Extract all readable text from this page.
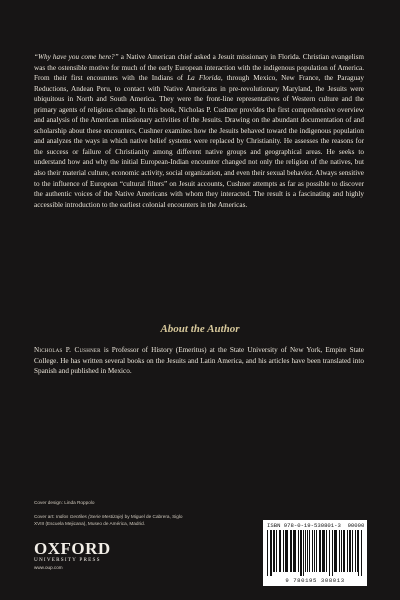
“Why have you come here?” a Native American chief asked a Jesuit missionary in Florida. Christian evangelism was the ostensible motive for much of the early European interaction with the indigenous population of America. From their first encounters with the Indians of La Florida, through Mexico, New France, the Paraguay Reductions, Andean Peru, to contact with Native Americans in pre-revolutionary Maryland, the Jesuits were ubiquitous in North and South America. They were the front-line representatives of Western culture and the primary agents of religious change. In this book, Nicholas P. Cushner provides the first comprehensive overview and analysis of the American missionary activities of the Jesuits. Drawing on the abundant documentation of and scholarship about these encounters, Cushner examines how the Jesuits behaved toward the indigenous population and analyzes the ways in which native belief systems were replaced by Christianity. He assesses the reasons for the success or failure of Christianity among different native groups and geographical areas. He seeks to understand how and why the initial European-Indian encounter changed not only the religion of the natives, but also their material culture, economic activity, social organization, and even their sexual behavior. Always sensitive to the influence of European “cultural filters” on Jesuit accounts, Cushner attempts as far as possible to discover the authentic voices of the Native Americans with whom they interacted. The result is a fascinating and highly accessible introduction to the earliest colonial encounters in the Americas.

About the Author

Nicholas P. Cushner is Professor of History (Emeritus) at the State University of New York, Empire State College. He has written several books on the Jesuits and Latin America, and his articles have been translated into Spanish and published in Mexico.

Cover design: Linda Roppolo
Cover art: Indios Gentiles (Serie Mestizaje) by Miguel de Cabrera, Siglo XVIII (Escuela Mejicana), Museo de América, Madrid.
OXFORD
UNIVERSITY PRESS
www.oup.com
ISBN 978-0-19-530801-3 90000
9 780195 308013
